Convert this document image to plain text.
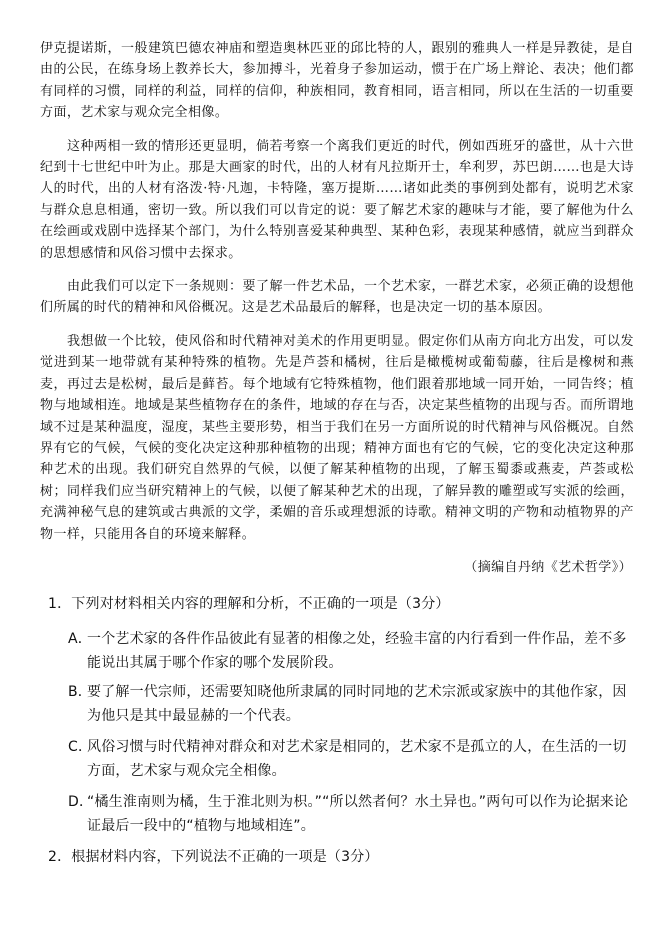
伊克提诺斯，一般建筑巴德农神庙和塑造奥林匹亚的邱比特的人，跟别的雅典人一样是异教徒，是自由的公民，在练身场上教养长大，参加搏斗，光着身子参加运动，惯于在广场上辩论、表决；他们都有同样的习惯，同样的利益，同样的信仰，种族相同，教育相同，语言相同，所以在生活的一切重要方面，艺术家与观众完全相像。

这种两相一致的情形还更显明，倘若考察一个离我们更近的时代，例如西班牙的盛世，从十六世纪到十七世纪中叶为止。那是大画家的时代，出的人材有凡拉斯开士，牟利罗，苏巴朗……也是大诗人的时代，出的人材有洛泼·特·凡迦，卡特隆，塞万提斯……诸如此类的事例到处都有，说明艺术家与群众息息相通，密切一致。所以我们可以肯定的说：要了解艺术家的趣味与才能，要了解他为什么在绘画或戏剧中选择某个部门，为什么特别喜爱某种典型、某种色彩，表现某种感情，就应当到群众的思想感情和风俗习惯中去探求。

由此我们可以定下一条规则：要了解一件艺术品，一个艺术家，一群艺术家，必须正确的设想他们所属的时代的精神和风俗概况。这是艺术品最后的解释，也是决定一切的基本原因。

我想做一个比较，使风俗和时代精神对美术的作用更明显。假定你们从南方向北方出发，可以发觉进到某一地带就有某种特殊的植物。先是芦荟和橘树，往后是橄榄树或葡萄藤，往后是橡树和燕麦，再过去是松树，最后是藓苔。每个地域有它特殊植物，他们跟着那地域一同开始，一同告终；植物与地域相连。地域是某些植物存在的条件，地域的存在与否，决定某些植物的出现与否。而所谓地域不过是某种温度，湿度，某些主要形势，相当于我们在另一方面所说的时代精神与风俗概况。自然界有它的气候，气候的变化决定这种那种植物的出现；精神方面也有它的气候，它的变化决定这种那种艺术的出现。我们研究自然界的气候，以便了解某种植物的出现，了解玉蜀黍或燕麦，芦荟或松树；同样我们应当研究精神上的气候，以便了解某种艺术的出现，了解异教的雕塑或写实派的绘画，充满神秘气息的建筑或古典派的文学，柔媚的音乐或理想派的诗歌。精神文明的产物和动植物界的产物一样，只能用各自的环境来解释。

（摘编自丹纳《艺术哲学》）
1．下列对材料相关内容的理解和分析，不正确的一项是（3分）
A．
一个艺术家的各件作品彼此有显著的相像之处，经验丰富的内行看到一件作品，差不多能说出其属于哪个作家的哪个发展阶段。
B．
要了解一代宗师，还需要知晓他所隶属的同时同地的艺术宗派或家族中的其他作家，因为他只是其中最显赫的一个代表。
C．
风俗习惯与时代精神对群众和对艺术家是相同的，艺术家不是孤立的人，在生活的一切方面，艺术家与观众完全相像。
D．
“橘生淮南则为橘，生于淮北则为枳。”“所以然者何？水土异也。”两句可以作为论据来论证最后一段中的“植物与地域相连”。
2．根据材料内容，下列说法不正确的一项是（3分）
